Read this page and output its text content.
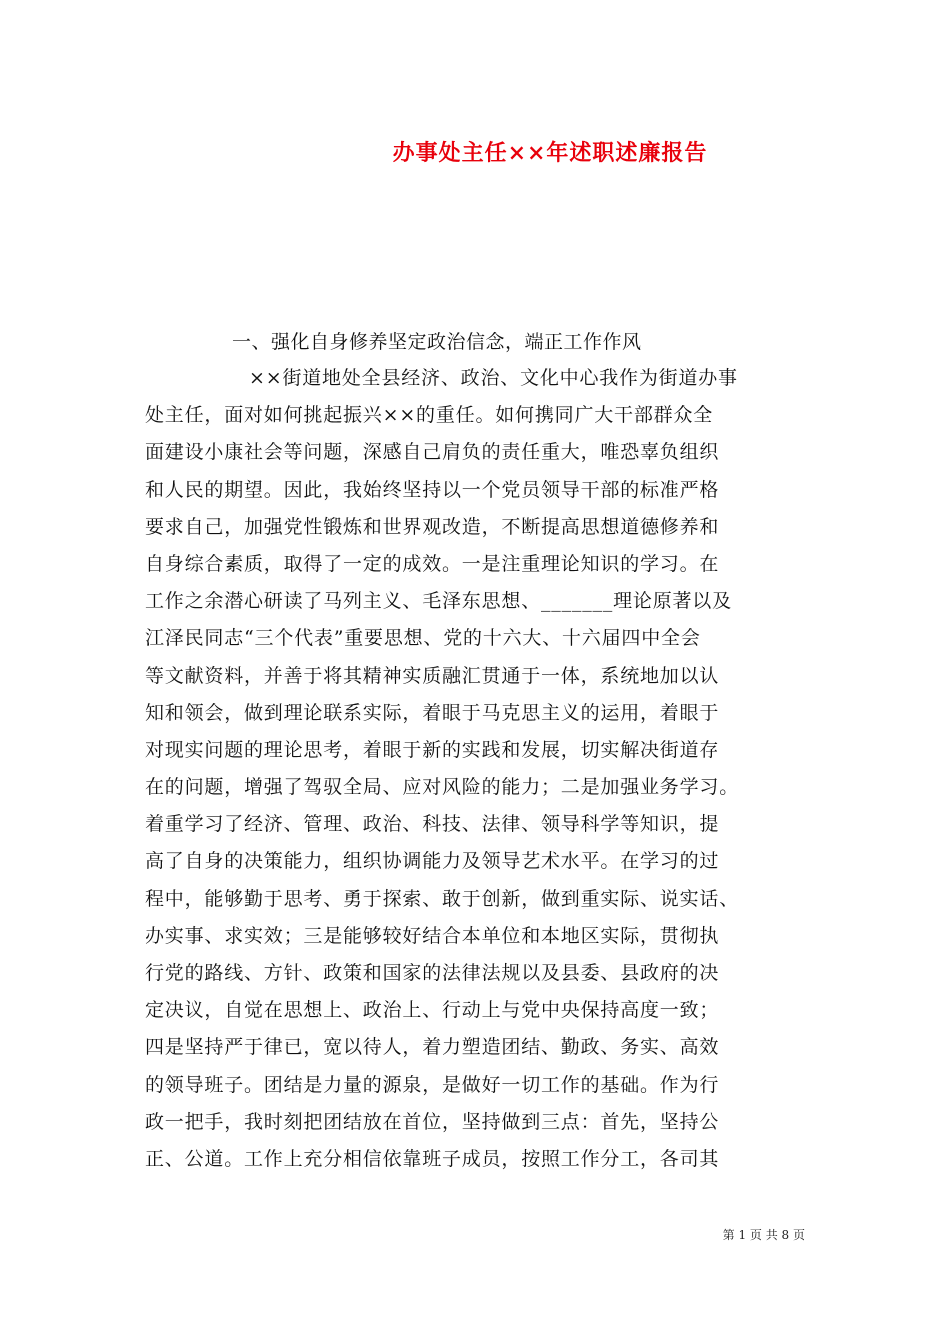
办事处主任××年述职述廉报告
一、强化自身修养坚定政治信念，端正工作作风
××街道地处全县经济、政治、文化中心我作为街道办事
处主任，面对如何挑起振兴××的重任。如何携同广大干部群众全
面建设小康社会等问题，深感自己肩负的责任重大，唯恐辜负组织
和人民的期望。因此，我始终坚持以一个党员领导干部的标准严格
要求自己，加强党性锻炼和世界观改造，不断提高思想道德修养和
自身综合素质，取得了一定的成效。一是注重理论知识的学习。在
工作之余潜心研读了马列主义、毛泽东思想、_______理论原著以及
江泽民同志“三个代表”重要思想、党的十六大、十六届四中全会
等文献资料，并善于将其精神实质融汇贯通于一体，系统地加以认
知和领会，做到理论联系实际，着眼于马克思主义的运用，着眼于
对现实问题的理论思考，着眼于新的实践和发展，切实解决街道存
在的问题，增强了驾驭全局、应对风险的能力；二是加强业务学习。
着重学习了经济、管理、政治、科技、法律、领导科学等知识，提
高了自身的决策能力，组织协调能力及领导艺术水平。在学习的过
程中，能够勤于思考、勇于探索、敢于创新，做到重实际、说实话、
办实事、求实效；三是能够较好结合本单位和本地区实际，贯彻执
行党的路线、方针、政策和国家的法律法规以及县委、县政府的决
定决议，自觉在思想上、政治上、行动上与党中央保持高度一致；
四是坚持严于律已，宽以待人，着力塑造团结、勤政、务实、高效
的领导班子。团结是力量的源泉，是做好一切工作的基础。作为行
政一把手，我时刻把团结放在首位，坚持做到三点：首先，坚持公
正、公道。工作上充分相信依靠班子成员，按照工作分工，各司其
第 1 页 共 8 页
